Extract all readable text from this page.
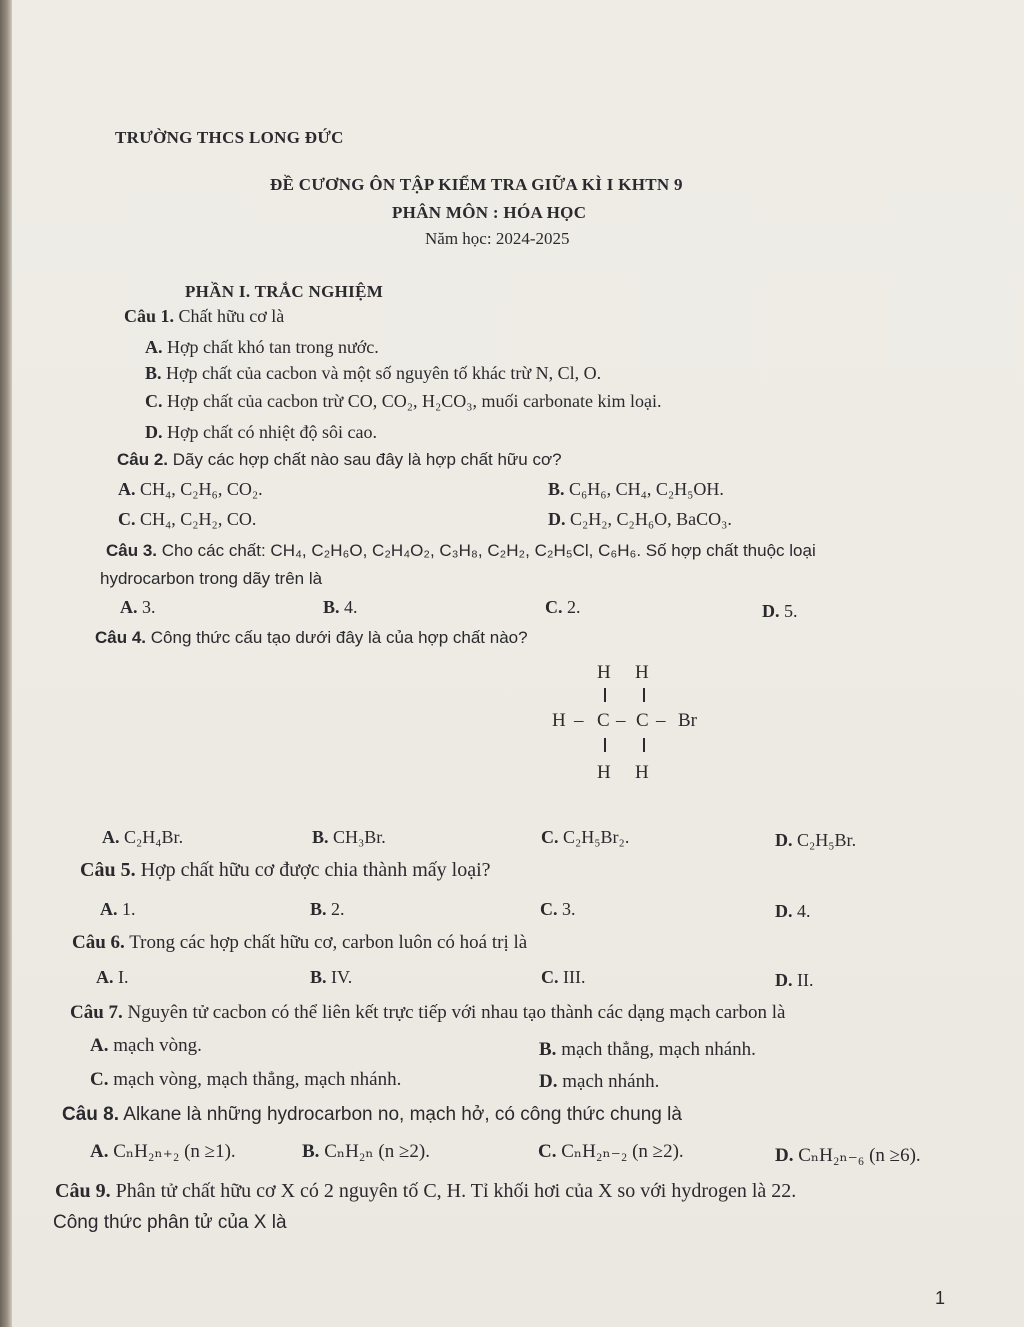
TRƯỜNG THCS LONG ĐỨC
ĐỀ CƯƠNG ÔN TẬP KIỂM TRA GIỮA KÌ I KHTN 9
PHÂN MÔN : HÓA HỌC
Năm học: 2024-2025
PHẦN I. TRẮC NGHIỆM
Câu 1. Chất hữu cơ là
A. Hợp chất khó tan trong nước.
B. Hợp chất của cacbon và một số nguyên tố khác trừ N, Cl, O.
C. Hợp chất của cacbon trừ CO, CO₂, H₂CO₃, muối carbonate kim loại.
D. Hợp chất có nhiệt độ sôi cao.
Câu 2. Dãy các hợp chất nào sau đây là hợp chất hữu cơ?
A. CH₄, C₂H₆, CO₂.	B. C₆H₆, CH₄, C₂H₅OH.
C. CH₄, C₂H₂, CO.	D. C₂H₂, C₂H₆O, BaCO₃.
Câu 3. Cho các chất: CH₄, C₂H₆O, C₂H₄O₂, C₃H₈, C₂H₂, C₂H₅Cl, C₆H₆. Số hợp chất thuộc loại
hydrocarbon trong dãy trên là
A. 3.	B. 4.	C. 2.	D. 5.
Câu 4. Công thức cấu tạo dưới đây là của hợp chất nào?
H H
H – C – C – Br
H H
A. C₂H₄Br.	B. CH₃Br.	C. C₂H₅Br₂.	D. C₂H₅Br.
Câu 5. Hợp chất hữu cơ được chia thành mấy loại?
A. 1.	B. 2.	C. 3.	D. 4.
Câu 6. Trong các hợp chất hữu cơ, carbon luôn có hoá trị là
A. I.	B. IV.	C. III.	D. II.
Câu 7. Nguyên tử cacbon có thể liên kết trực tiếp với nhau tạo thành các dạng mạch carbon là
A. mạch vòng.	B. mạch thẳng, mạch nhánh.
C. mạch vòng, mạch thẳng, mạch nhánh.	D. mạch nhánh.
Câu 8. Alkane là những hydrocarbon no, mạch hở, có công thức chung là
A. CₙH₂ₙ₊₂ (n ≥1).	B. CₙH₂ₙ (n ≥2).	C. CₙH₂ₙ₋₂ (n ≥2).	D. CₙH₂ₙ₋₆ (n ≥6).
Câu 9. Phân tử chất hữu cơ X có 2 nguyên tố C, H. Tỉ khối hơi của X so với hydrogen là 22.
Công thức phân tử của X là
1
